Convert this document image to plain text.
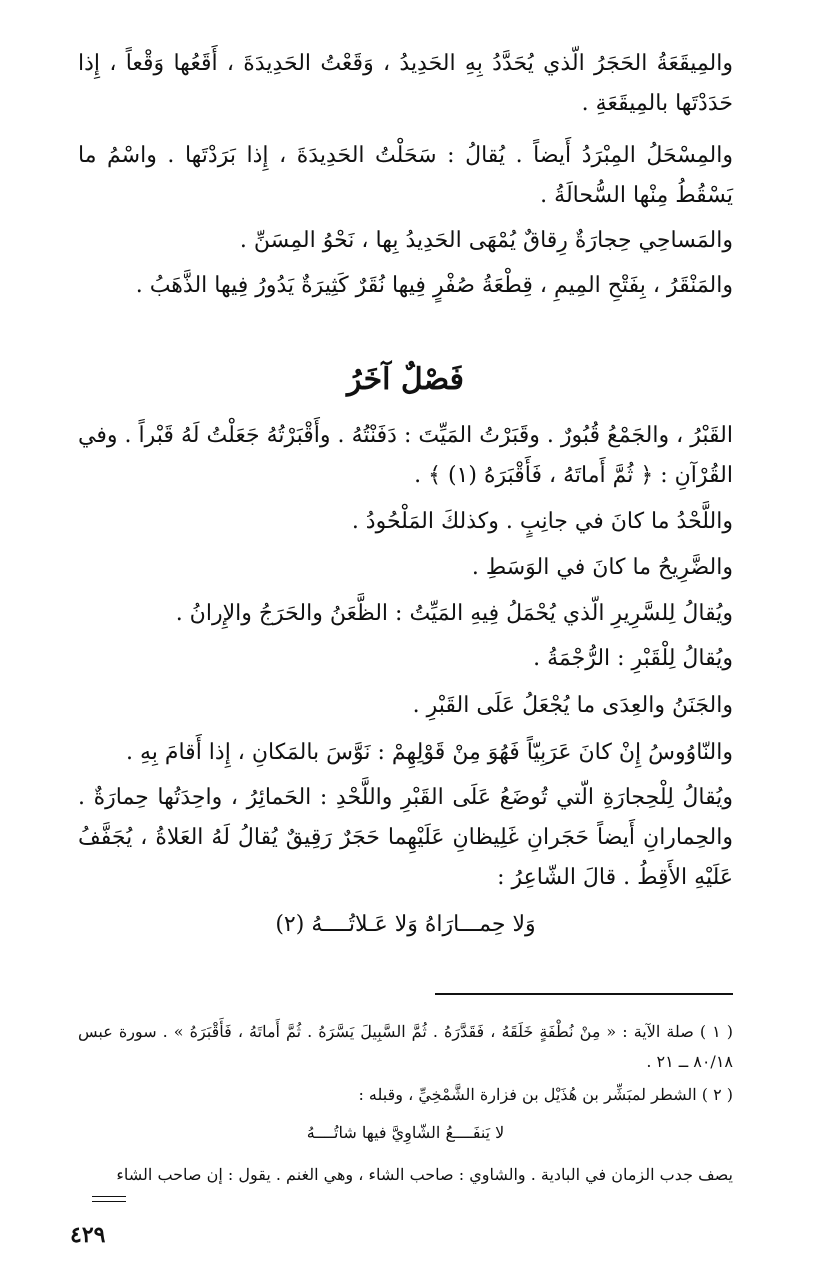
والمِيقَعَةُ الحَجَرُ الّذي يُحَدَّدُ بِهِ الحَدِيدُ ، وَقَعْتُ الحَدِيدَةَ ، أَقَعُها وَقْعاً ، إِذا حَدَدْتَها بالمِيقَعَةِ .

والمِسْحَلُ المِبْرَدُ أَيضاً . يُقالُ : سَحَلْتُ الحَدِيدَةَ ، إِذا بَرَدْتَها . واسْمُ ما يَسْقُطُ مِنْها السُّحالَةُ .

والمَساحِي حِجارَةٌ رِقاقٌ يُمْهَى الحَدِيدُ بِها ، نَحْوُ المِسَنِّ .

والمَنْقَرُ ، بِفَتْحِ المِيمِ ، قِطْعَةُ صُفْرٍ فِيها نُقَرٌ كَثِيرَةٌ يَدُورُ فِيها الذَّهَبُ .

فَصْلٌ آخَرُ

القَبْرُ ، والجَمْعُ قُبُورٌ . وقَبَرْتُ المَيِّتَ : دَفَنْتُهُ . وأَقْبَرْتُهُ جَعَلْتُ لَهُ قَبْراً . وفي القُرْآنِ : ﴿ ثُمَّ أَماتَهُ ، فَأَقْبَرَهُ (١) ﴾ .

واللَّحْدُ ما كانَ في جانِبٍ . وكذلكَ المَلْحُودُ .

والضَّرِيحُ ما كانَ في الوَسَطِ .

ويُقالُ لِلسَّرِيرِ الّذي يُحْمَلُ فِيهِ المَيِّتُ : الظَّعَنُ والحَرَجُ والإِرانُ .

ويُقالُ لِلْقَبْرِ : الرُّجْمَةُ .

والجَنَنُ والعِدَى ما يُجْعَلُ عَلَى القَبْرِ .

والنّاوُوسُ إِنْ كانَ عَرَبِيّاً فَهُوَ مِنْ قَوْلِهِمْ : نَوَّسَ بالمَكانِ ، إِذا أَقامَ بِهِ .

ويُقالُ لِلْحِجارَةِ الّتي تُوضَعُ عَلَى القَبْرِ واللَّحْدِ : الحَمائِرُ ، واحِدَتُها حِمارَةٌ . والحِمارانِ أَيضاً حَجَرانِ غَلِيظانِ عَلَيْهِما حَجَرٌ رَقِيقٌ يُقالُ لَهُ العَلاةُ ، يُجَفَّفُ عَلَيْهِ الأَقِطُ . قالَ الشّاعِرُ :

وَلا حِمـــارَاهُ وَلا عَـلاتُــــهُ (٢)

( ١ ) صلة الآية : « مِنْ نُطْفَةٍ خَلَقَهُ ، فَقَدَّرَهُ . ثُمَّ السَّبِيلَ يَسَّرَهُ . ثُمَّ أَماتَهُ ، فَأَقْبَرَهُ » . سورة عبس ٨٠/١٨ ــ ٢١ .

( ٢ ) الشطر لمبَشِّر بن هُذَيْل بن فزارة الشَّمْخِيِّ ، وقبله :

لا يَنفَــــعُ الشّاوِيَّ فيها شاتُــــهُ

يصف جدب الزمان في البادية . والشاوي : صاحب الشاء ، وهي الغنم . يقول : إن صاحب الشاء

٤٢٩
